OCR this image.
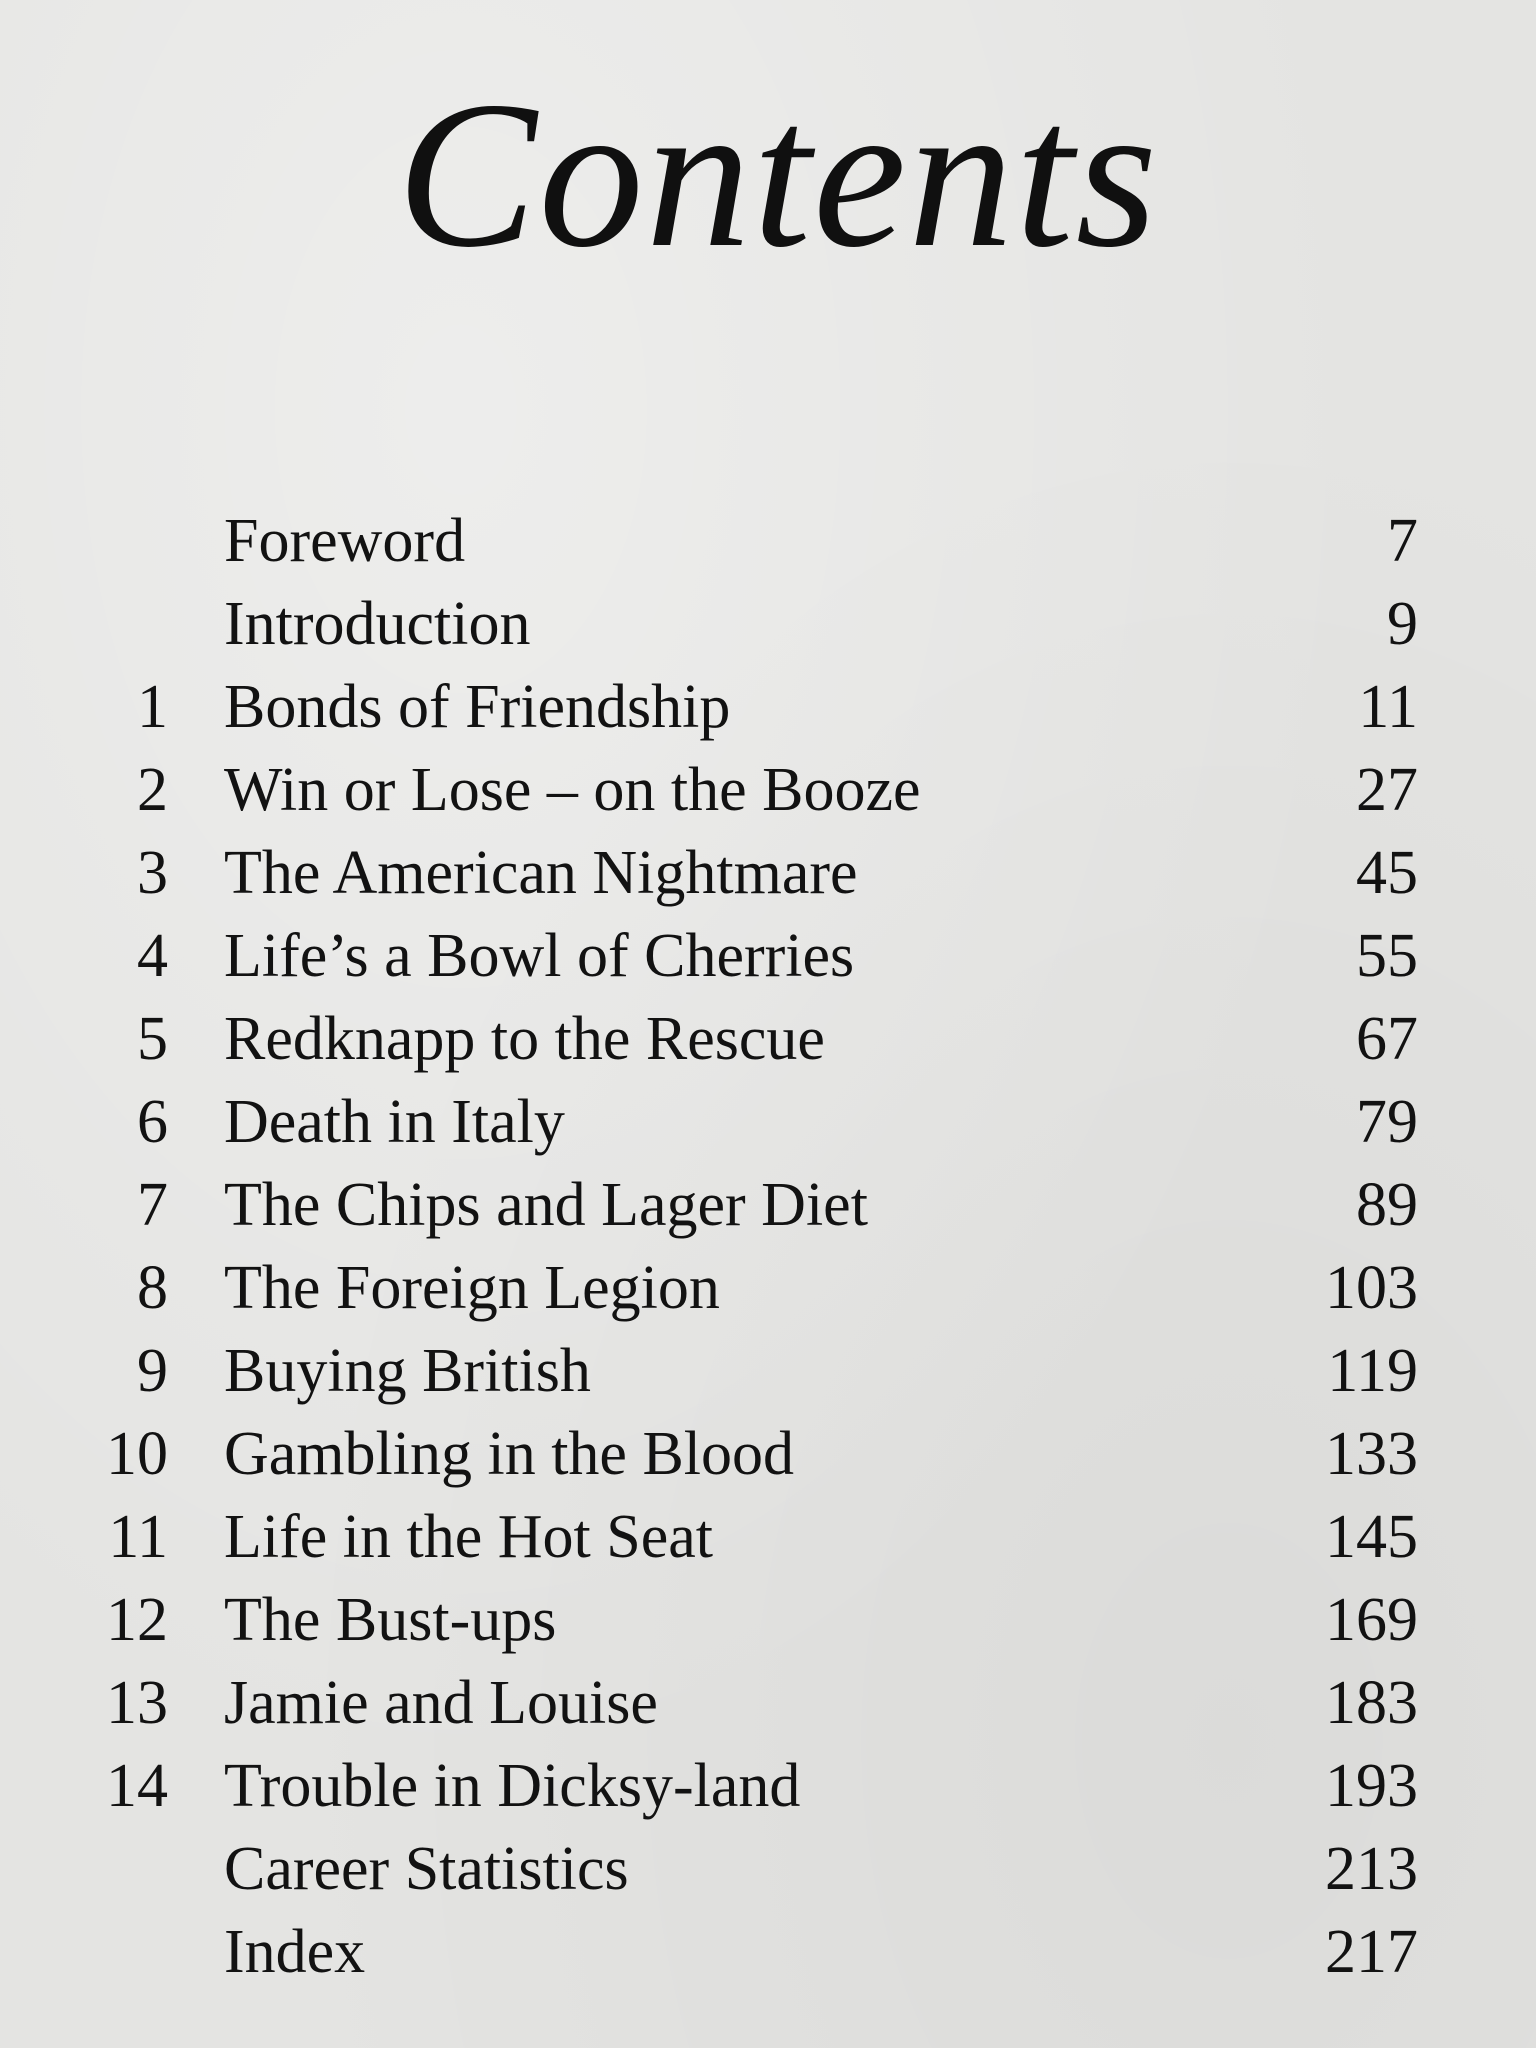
Contents
Foreword	7
Introduction	9
1 Bonds of Friendship	11
2 Win or Lose – on the Booze	27
3 The American Nightmare	45
4 Life’s a Bowl of Cherries	55
5 Redknapp to the Rescue	67
6 Death in Italy	79
7 The Chips and Lager Diet	89
8 The Foreign Legion	103
9 Buying British	119
10 Gambling in the Blood	133
11 Life in the Hot Seat	145
12 The Bust-ups	169
13 Jamie and Louise	183
14 Trouble in Dicksy-land	193
Career Statistics	213
Index	217
